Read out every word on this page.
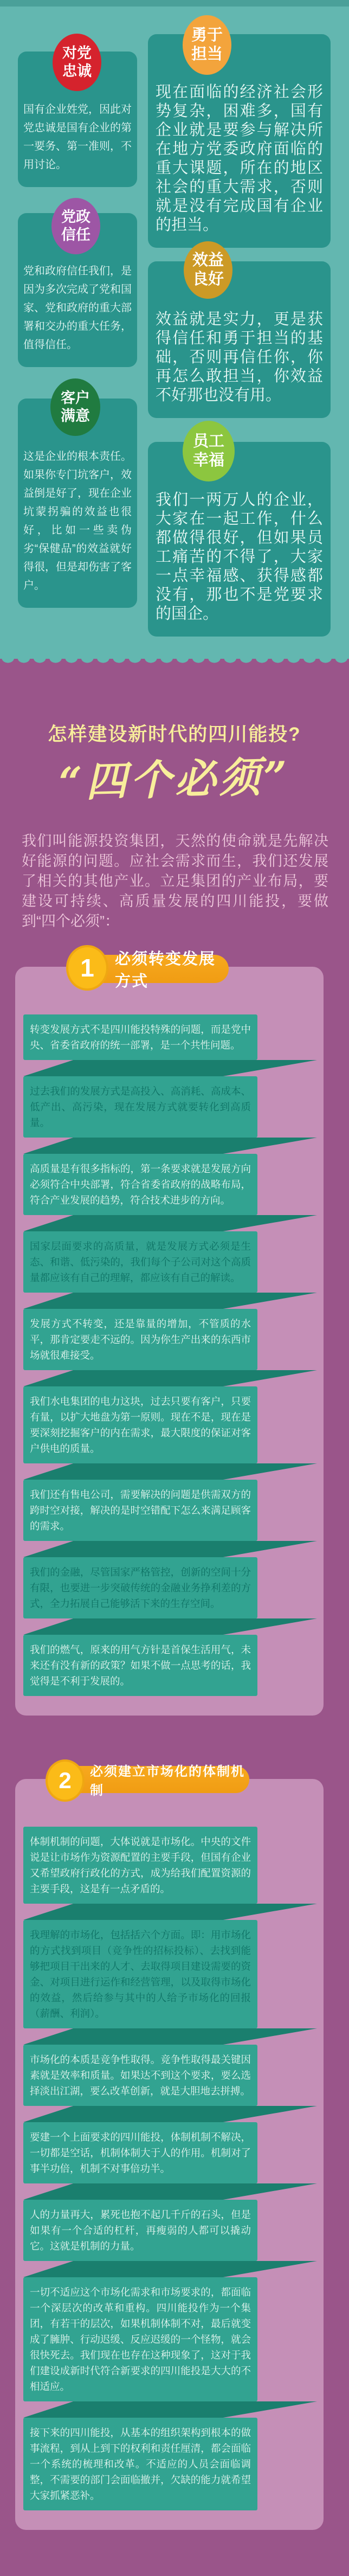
国有企业姓党，因此对党忠诚是国有企业的第一要务、第一准则，不用讨论。

对党
忠诚

现在面临的经济社会形势复杂，困难多，国有企业就是要参与解决所在地方党委政府面临的重大课题，所在的地区社会的重大需求，否则就是没有完成国有企业的担当。

勇于
担当

党和政府信任我们，是因为多次完成了党和国家、党和政府的重大部署和交办的重大任务，值得信任。

党政
信任

效益就是实力，更是获得信任和勇于担当的基础，否则再信任你，你再怎么敢担当，你效益不好那也没有用。

效益
良好

这是企业的根本责任。如果你专门坑客户，效益倒是好了，现在企业坑蒙拐骗的效益也很好，比如一些卖伪劣“保健品”的效益就好得很，但是却伤害了客户。

客户
满意

我们一两万人的企业，大家在一起工作，什么都做得很好，但如果员工痛苦的不得了，大家一点幸福感、获得感都没有，那也不是党要求的国企。

员工
幸福
怎样建设新时代的四川能投?
“四个必须”

我们叫能源投资集团，天然的使命就是先解决好能源的问题。应社会需求而生，我们还发展了相关的其他产业。立足集团的产业布局，要建设可持续、高质量发展的四川能投，要做到“四个必须”：

1 必须转变发展方式
转变发展方式不是四川能投特殊的问题，而是党中央、省委省政府的统一部署，是一个共性问题。
过去我们的发展方式是高投入、高消耗、高成本、低产出、高污染，现在发展方式就要转化到高质量。
高质量是有很多指标的，第一条要求就是发展方向必须符合中央部署，符合省委省政府的战略布局，符合产业发展的趋势，符合技术进步的方向。
国家层面要求的高质量，就是发展方式必须是生态、和谐、低污染的，我们每个子公司对这个高质量都应该有自己的理解，都应该有自己的解读。
发展方式不转变，还是靠量的增加，不管质的水平，那肯定要走不远的。因为你生产出来的东西市场就很难接受。
我们水电集团的电力这块，过去只要有客户，只要有量，以扩大地盘为第一原则。现在不是，现在是要深刻挖掘客户的内在需求，最大限度的保证对客户供电的质量。
我们还有售电公司，需要解决的问题是供需双方的跨时空对接，解决的是时空错配下怎么来满足顾客的需求。
我们的金融，尽管国家严格管控，创新的空间十分有限，也要进一步突破传统的金融业务挣利差的方式，全力拓展自己能够活下来的生存空间。
我们的燃气，原来的用气方针是首保生活用气，未来还有没有新的政策？如果不做一点思考的话，我觉得是不利于发展的。
2 必须建立市场化的体制机制
体制机制的问题，大体说就是市场化。中央的文件说是让市场作为资源配置的主要手段，但国有企业又希望政府行政化的方式，成为给我们配置资源的主要手段，这是有一点矛盾的。
我理解的市场化，包括括六个方面。即：用市场化的方式找到项目（竞争性的招标投标）、去找到能够把项目干出来的人才、去取得项目建设需要的资金、对项目进行运作和经营管理，以及取得市场化的效益，然后给参与其中的人给予市场化的回报（薪酬、利润）。
市场化的本质是竞争性取得。竞争性取得最关键因素就是效率和质量。如果达不到这个要求，要么选择淡出江湖，要么改革创新，就是大胆地去拼搏。
要建一个上面要求的四川能投，体制机制不解决，一切都是空话，机制体制大于人的作用。机制对了事半功倍，机制不对事倍功半。
人的力量再大，累死也抱不起几千斤的石头，但是如果有一个合适的杠杆，再瘦弱的人都可以撬动它。这就是机制的力量。
一切不适应这个市场化需求和市场要求的，都面临一个深层次的改革和重构。四川能投作为一个集团，有若干的层次，如果机制体制不对，最后就变成了臃肿、行动迟缓、反应迟缓的一个怪物，就会很快死去。我们现在也存在这种现象了，这对于我们建设成新时代符合新要求的四川能投是大大的不相适应。
接下来的四川能投，从基本的组织架构到根本的做事流程，到从上到下的权利和责任厘清，都会面临一个系统的梳理和改革。不适应的人员会面临调整，不需要的部门会面临撤并，欠缺的能力就希望大家抓紧恶补。
